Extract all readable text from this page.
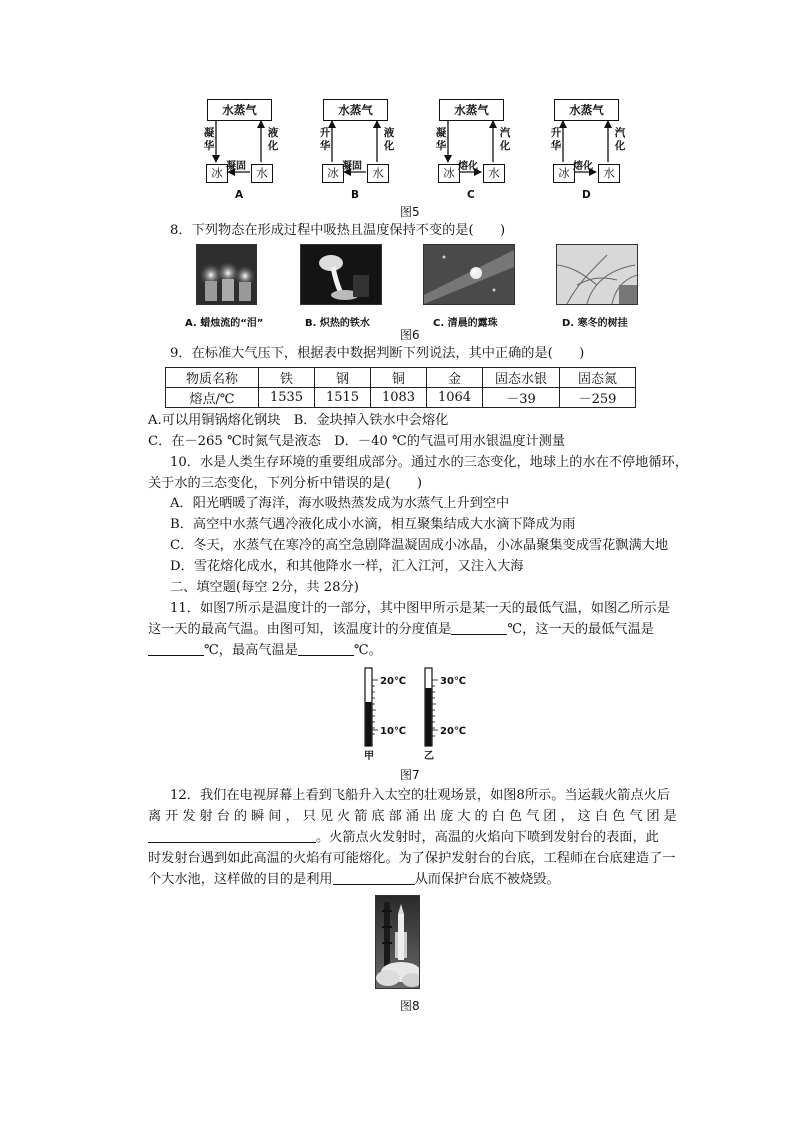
水蒸气
冰	水
凝华
液化
凝固
A
水蒸气
冰	水
升华
液化
凝固
B
水蒸气
冰	水
凝华
汽化
熔化
C
水蒸气
冰	水
升华
汽化
熔化
D
图5
8．下列物态在形成过程中吸热且温度保持不变的是(　　)
A. 蜡烛流的“泪”	B. 炽热的铁水	C. 清晨的露珠	D. 寒冬的树挂
图6
9．在标准大气压下，根据表中数据判断下列说法，其中正确的是(　　)
物质名称	铁	钢	铜	金	固态水银	固态氮
熔点/℃	1535	1515	1083	1064	－39	－259
A.可以用铜锅熔化钢块　B．金块掉入铁水中会熔化
C．在－265 ℃时氮气是液态　D．－40 ℃的气温可用水银温度计测量
10．水是人类生存环境的重要组成部分。通过水的三态变化，地球上的水在不停地循环，
关于水的三态变化，下列分析中错误的是(　　)
A．阳光晒暖了海洋，海水吸热蒸发成为水蒸气上升到空中
B．高空中水蒸气遇冷液化成小水滴，相互聚集结成大水滴下降成为雨
C．冬天，水蒸气在寒冷的高空急剧降温凝固成小冰晶，小冰晶聚集变成雪花飘满大地
D．雪花熔化成水，和其他降水一样，汇入江河，又注入大海
二、填空题(每空 2分，共 28分)
11．如图7所示是温度计的一部分，其中图甲所示是某一天的最低气温，如图乙所示是
这一天的最高气温。由图可知，该温度计的分度值是	℃，这一天的最低气温是
℃，最高气温是	℃。
20℃
10℃
甲
30℃
20℃
乙
图7
12．我们在电视屏幕上看到飞船升入太空的壮观场景，如图8所示。当运载火箭点火后
离开发射台的瞬间，只见火箭底部涌出庞大的白色气团，这白色气团是
。火箭点火发射时，高温的火焰向下喷到发射台的表面，此
时发射台遇到如此高温的火焰有可能熔化。为了保护发射台的台底，工程师在台底建造了一
个大水池，这样做的目的是利用	从而保护台底不被烧毁。
图8
